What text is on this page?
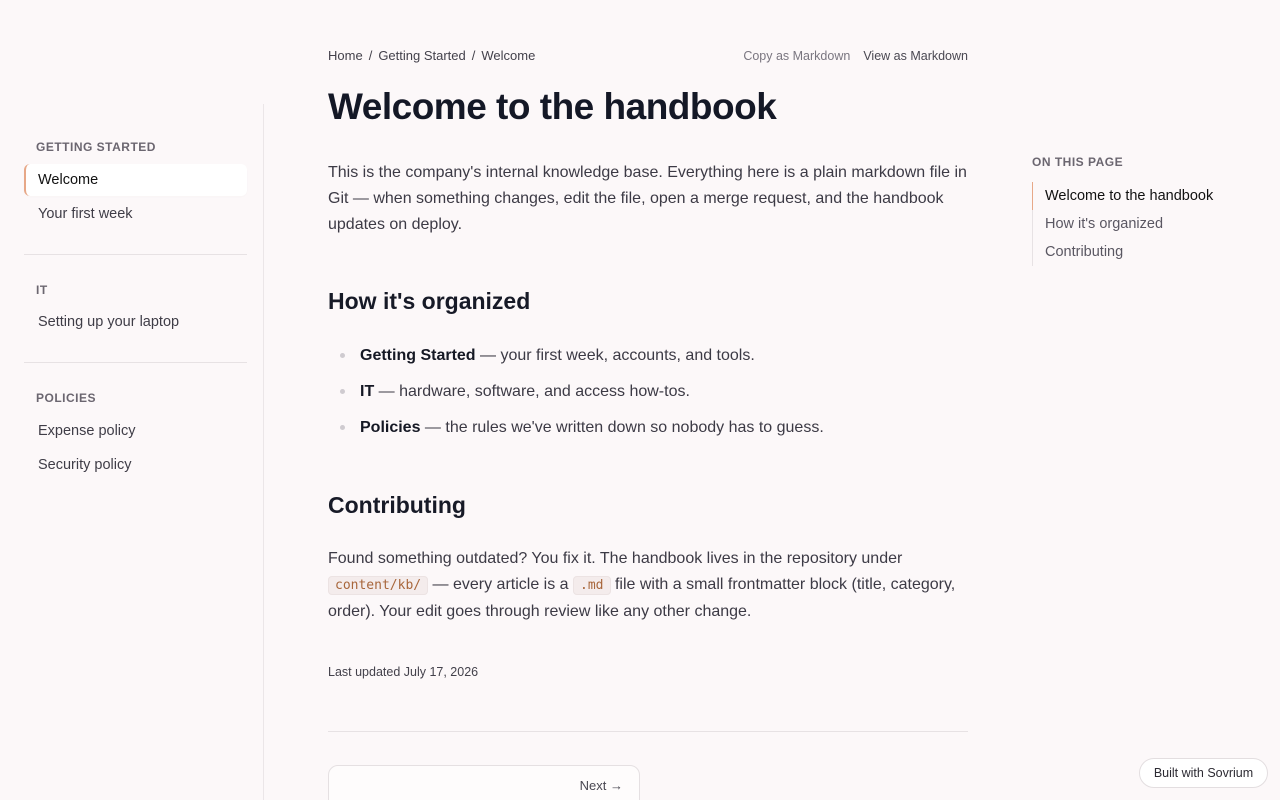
GETTING STARTED
Welcome
Your first week
IT
Setting up your laptop
POLICIES
Expense policy
Security policy
Home / Getting Started / Welcome	Copy as Markdown View as Markdown
Welcome to the handbook

This is the company's internal knowledge base. Everything here is a plain markdown file in Git — when something changes, edit the file, open a merge request, and the handbook updates on deploy.

How it's organized
Getting Started — your first week, accounts, and tools.
IT — hardware, software, and access how-tos.
Policies — the rules we've written down so nobody has to guess.
Contributing

Found something outdated? You fix it. The handbook lives in the repository under content/kb/ — every article is a .md file with a small frontmatter block (title, category, order). Your edit goes through review like any other change.

Last updated July 17, 2026
Next →
ON THIS PAGE
Welcome to the handbook
How it's organized
Contributing
Built with Sovrium
